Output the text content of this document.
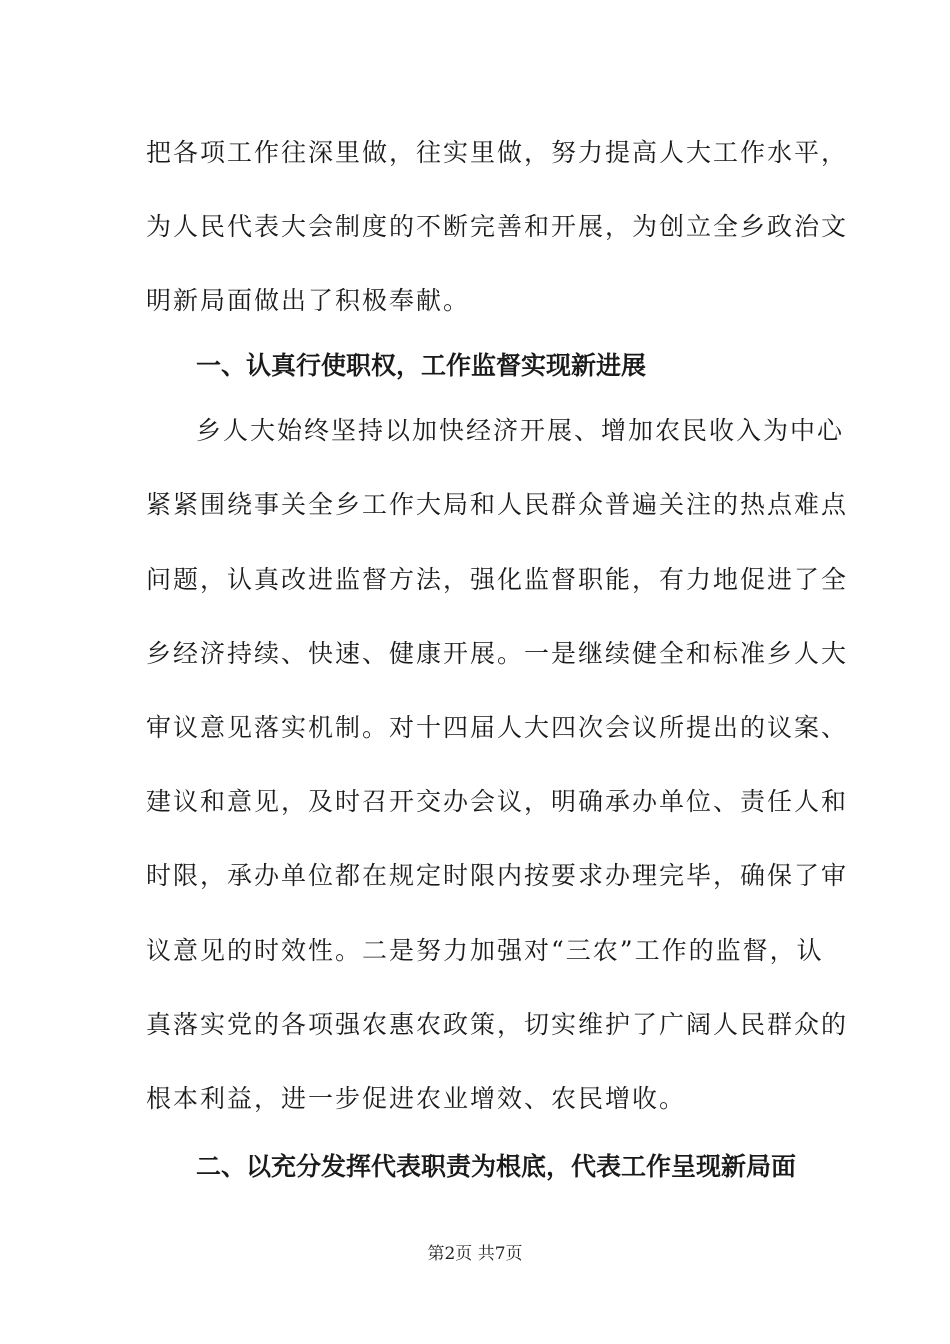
把各项工作往深里做，往实里做，努力提高人大工作水平，
为人民代表大会制度的不断完善和开展，为创立全乡政治文
明新局面做出了积极奉献。
一、认真行使职权，工作监督实现新进展
乡人大始终坚持以加快经济开展、增加农民收入为中心
紧紧围绕事关全乡工作大局和人民群众普遍关注的热点难点
问题，认真改进监督方法，强化监督职能，有力地促进了全
乡经济持续、快速、健康开展。一是继续健全和标准乡人大
审议意见落实机制。对十四届人大四次会议所提出的议案、
建议和意见，及时召开交办会议，明确承办单位、责任人和
时限，承办单位都在规定时限内按要求办理完毕，确保了审
议意见的时效性。二是努力加强对“三农”工作的监督，认
真落实党的各项强农惠农政策，切实维护了广阔人民群众的
根本利益，进一步促进农业增效、农民增收。
二、以充分发挥代表职责为根底，代表工作呈现新局面
第2页 共7页
